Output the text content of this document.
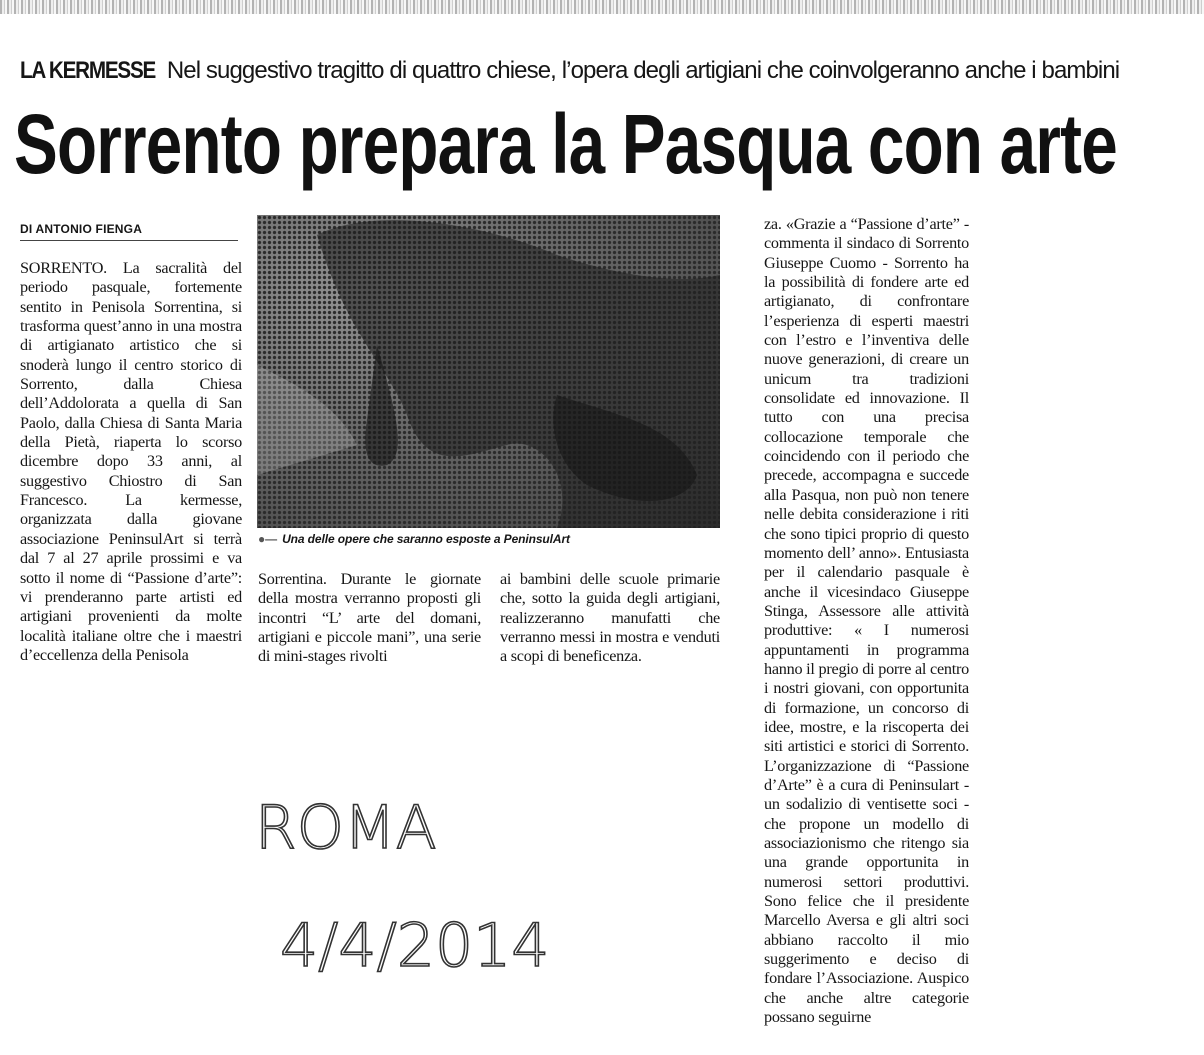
LA KERMESSE Nel suggestivo tragitto di quattro chiese, l’opera degli artigiani che coinvolgeranno anche i bambini
Sorrento prepara la Pasqua con arte
DI ANTONIO FIENGA

SORRENTO. La sacralità del periodo pasquale, fortemente sentito in Penisola Sorrentina, si trasforma quest’anno in una mostra di artigianato artistico che si snoderà lungo il centro storico di Sorrento, dalla Chiesa dell’Addolorata a quella di San Paolo, dalla Chiesa di Santa Maria della Pietà, riaperta lo scorso dicembre dopo 33 anni, al suggestivo Chiostro di San Francesco. La kermesse, organizzata dalla giovane associazione PeninsulArt si terrà dal 7 al 27 aprile prossimi e va sotto il nome di “Passione d’arte”: vi prenderanno parte artisti ed artigiani provenienti da molte località italiane oltre che i maestri d’eccellenza della Penisola

●— Una delle opere che saranno esposte a PeninsulArt

Sorrentina. Durante le giornate della mostra verranno proposti gli incontri “L’ arte del domani, artigiani e piccole mani”, una serie di mini-stages rivolti

ai bambini delle scuole primarie che, sotto la guida degli artigiani, realizzeranno manufatti che verranno messi in mostra e venduti a scopi di beneficenza.

za. «Grazie a “Passione d’arte” - commenta il sindaco di Sorrento Giuseppe Cuomo - Sorrento ha la possibilità di fondere arte ed artigianato, di confrontare l’esperienza di esperti maestri con l’estro e l’inventiva delle nuove generazioni, di creare un unicum tra tradizioni consolidate ed innovazione. Il tutto con una precisa collocazione temporale che coincidendo con il periodo che precede, accompagna e succede alla Pasqua, non può non tenere nelle debita considerazione i riti che sono tipici proprio di questo momento dell’ anno». Entusiasta per il calendario pasquale è anche il vicesindaco Giuseppe Stinga, Assessore alle attività produttive: « I numerosi appuntamenti in programma hanno il pregio di porre al centro i nostri giovani, con opportunita di formazione, un concorso di idee, mostre, e la riscoperta dei siti artistici e storici di Sorrento. L’organizzazione di “Passione d’Arte” è a cura di Peninsulart - un sodalizio di ventisette soci - che propone un modello di associazionismo che ritengo sia una grande opportunita in numerosi settori produttivi. Sono felice che il presidente Marcello Aversa e gli altri soci abbiano raccolto il mio suggerimento e deciso di fondare l’Associazione. Auspico che anche altre categorie possano seguirne

ROMA
4/4/2014
